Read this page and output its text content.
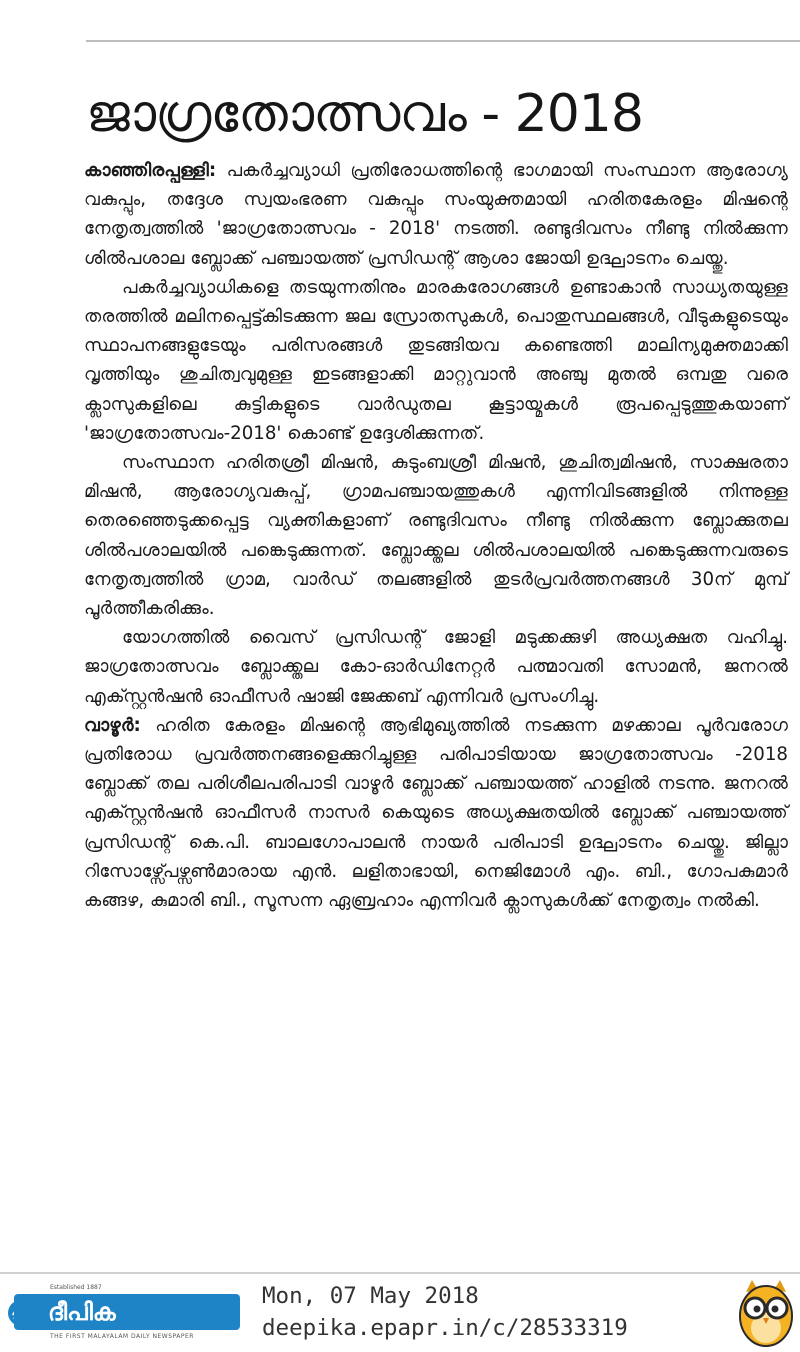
ജാഗ്രതോത്സവം - 2018

കാഞ്ഞിരപ്പള്ളി: പകർച്ചവ്യാധി പ്രതിരോധത്തിന്റെ ഭാഗമായി സംസ്ഥാന ആരോഗ്യ വകുപ്പും, തദ്ദേശ സ്വയംഭരണ വകുപ്പും സംയുക്തമായി ഹരിതകേരളം മിഷന്റെ നേതൃത്വത്തിൽ 'ജാഗ്രതോത്സവം - 2018' നടത്തി. രണ്ടുദിവസം നീണ്ടു നിൽക്കുന്ന ശിൽപശാല ബ്ലോക്ക് പഞ്ചായത്ത് പ്രസിഡന്റ് ആശാ ജോയി ഉദ്ഘാടനം ചെയ്തു.

പകർച്ചവ്യാധികളെ തടയുന്നതിനും മാരകരോഗങ്ങൾ ഉണ്ടാകാൻ സാധ്യതയുള്ള തരത്തിൽ മലിനപ്പെട്ട്കിടക്കുന്ന ജല സ്രോതസുകൾ, പൊതുസ്ഥലങ്ങൾ, വീടുകളുടെയും സ്ഥാപനങ്ങളുടേയും പരിസരങ്ങൾ തുടങ്ങിയവ കണ്ടെത്തി മാലിന്യമുക്തമാക്കി വൃത്തിയും ശുചിത്വവുമുള്ള ഇടങ്ങളാക്കി മാറ്റുവാൻ അഞ്ചു മുതൽ ഒമ്പതു വരെ ക്ലാസുകളിലെ കുട്ടികളുടെ വാർഡുതല കൂട്ടായ്മകൾ രൂപപ്പെടുത്തുകയാണ് 'ജാഗ്രതോത്സവം-2018' കൊണ്ട് ഉദ്ദേശിക്കുന്നത്.

സംസ്ഥാന ഹരിതശ്രീ മിഷൻ, കുടുംബശ്രീ മിഷൻ, ശുചിത്വമിഷൻ, സാക്ഷരതാ മിഷൻ, ആരോഗ്യവകുപ്പ്, ഗ്രാമപഞ്ചായത്തുകൾ എന്നിവിടങ്ങളിൽ നിന്നുള്ള തെരഞ്ഞെടുക്കപ്പെട്ട വ്യക്തികളാണ് രണ്ടുദിവസം നീണ്ടു നിൽക്കുന്ന ബ്ലോക്കുതല ശിൽപശാലയിൽ പങ്കെടുക്കുന്നത്. ബ്ലോക്ക്തല ശിൽപശാലയിൽ പങ്കെടുക്കുന്നവരുടെ നേതൃത്വത്തിൽ ഗ്രാമ, വാർഡ് തലങ്ങളിൽ തുടർപ്രവർത്തനങ്ങൾ 30ന് മുമ്പ് പൂർത്തീകരിക്കും.

യോഗത്തിൽ വൈസ് പ്രസിഡന്റ് ജോളി മടുക്കക്കുഴി അധ്യക്ഷത വഹിച്ചു. ജാഗ്രതോത്സവം ബ്ലോക്ക്തല കോ-ഓർഡിനേറ്റർ പത്മാവതി സോമൻ, ജനറൽ എക്സ്റ്റൻഷൻ ഓഫീസർ ഷാജി ജേക്കബ് എന്നിവർ പ്രസംഗിച്ചു.

വാഴൂർ: ഹരിത കേരളം മിഷന്റെ ആഭിമുഖ്യത്തിൽ നടക്കുന്ന മഴക്കാല പൂർവരോഗ പ്രതിരോധ പ്രവർത്തനങ്ങളെക്കുറിച്ചുള്ള പരിപാടിയായ ജാഗ്രതോത്സവം -2018 ബ്ലോക്ക് തല പരിശീലപരിപാടി വാഴൂർ ബ്ലോക്ക് പഞ്ചായത്ത് ഹാളിൽ നടന്നു. ജനറൽ എക്സ്റ്റൻഷൻ ഓഫീസർ നാസർ കെയുടെ അധ്യക്ഷതയിൽ ബ്ലോക്ക് പഞ്ചായത്ത് പ്രസിഡന്റ് കെ.പി. ബാലഗോപാലൻ നായർ പരിപാടി ഉദ്ഘാടനം ചെയ്തു. ജില്ലാ റിസോഴ്സ്പേഴ്സൺമാരായ എൻ. ലളിതാഭായി, നെജിമോൾ എം. ബി., ഗോപകുമാർ കങ്ങഴ, കുമാരി ബി., സൂസന്ന ഏബ്രഹാം എന്നിവർ ക്ലാസുകൾക്ക് നേതൃത്വം നൽകി.

Established 1887
ദീപിക
THE FIRST MALAYALAM DAILY NEWSPAPER
Mon, 07 May 2018
deepika.epapr.in/c/28533319
